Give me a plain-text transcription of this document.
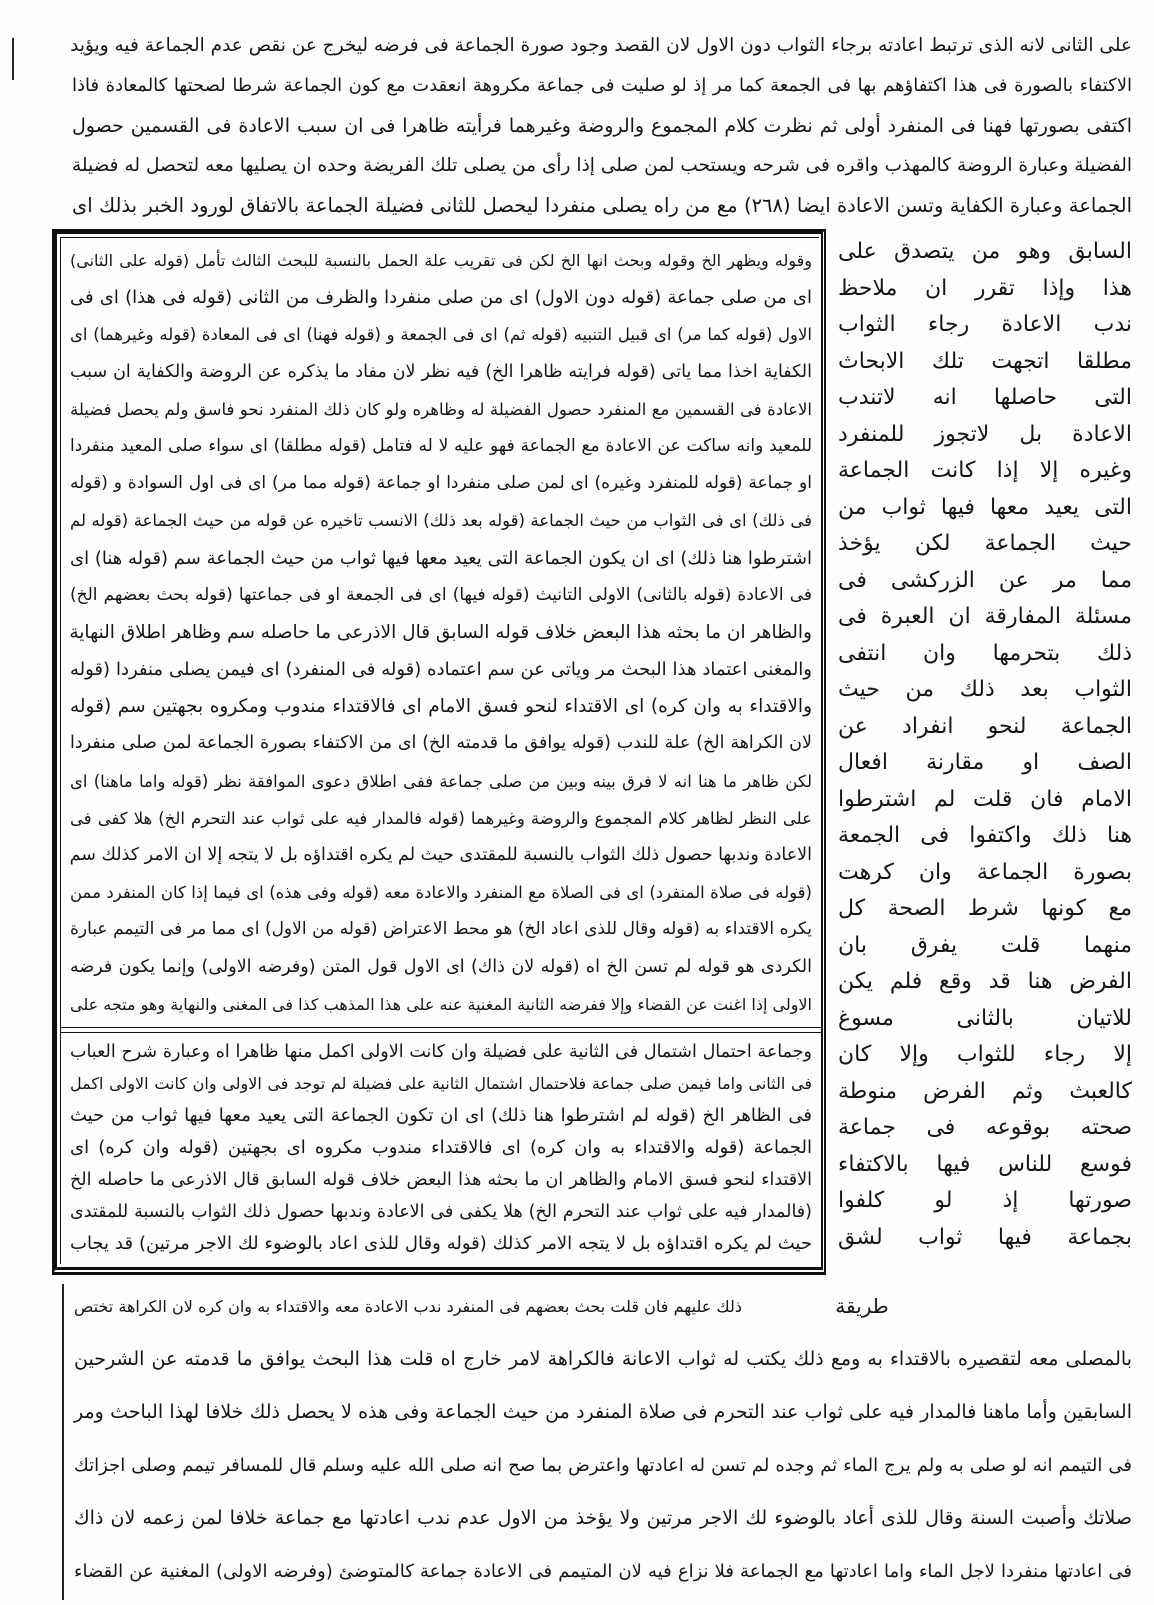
على الثانى لانه الذى ترتبط اعادته برجاء الثواب دون الاول لان القصد وجود صورة الجماعة فى فرضه ليخرج عن نقص عدم الجماعة فيه ويؤيد
الاكتفاء بالصورة فى هذا اكتفاؤهم بها فى الجمعة كما مر إذ لو صليت فى جماعة مكروهة انعقدت مع كون الجماعة شرطا لصحتها كالمعادة فاذا
اكتفى بصورتها فهنا فى المنفرد أولى ثم نظرت كلام المجموع والروضة وغيرهما فرأيته ظاهرا فى ان سبب الاعادة فى القسمين حصول
الفضيلة وعبارة الروضة كالمهذب واقره فى شرحه ويستحب لمن صلى إذا رأى من يصلى تلك الفريضة وحده ان يصليها معه لتحصل له فضيلة
الجماعة وعبارة الكفاية وتسن الاعادة ايضا (٢٦٨) مع من راه يصلى منفردا ليحصل للثانى فضيلة الجماعة بالاتفاق لورود الخبر بذلك اى
وقوله ويظهر الخ وقوله وبحث انها الخ لكن فى تقريب علة الحمل بالنسبة للبحث الثالث تأمل (قوله على الثانى)
اى من صلى جماعة (قوله دون الاول) اى من صلى منفردا والظرف من الثانى (قوله فى هذا) اى فى
الاول (قوله كما مر) اى قبيل التنبيه (قوله ثم) اى فى الجمعة و (قوله فهنا) اى فى المعادة (قوله وغيرهما) اى
الكفاية اخذا مما ياتى (قوله فرايته ظاهرا الخ) فيه نظر لان مفاد ما يذكره عن الروضة والكفاية ان سبب
الاعادة فى القسمين مع المنفرد حصول الفضيلة له وظاهره ولو كان ذلك المنفرد نحو فاسق ولم يحصل فضيلة
للمعيد وانه ساكت عن الاعادة مع الجماعة فهو عليه لا له فتامل (قوله مطلقا) اى سواء صلى المعيد منفردا
او جماعة (قوله للمنفرد وغيره) اى لمن صلى منفردا او جماعة (قوله مما مر) اى فى اول السوادة و (قوله
فى ذلك) اى فى الثواب من حيث الجماعة (قوله بعد ذلك) الانسب تاخيره عن قوله من حيث الجماعة (قوله لم
اشترطوا هنا ذلك) اى ان يكون الجماعة التى يعيد معها فيها ثواب من حيث الجماعة سم (قوله هنا) اى
فى الاعادة (قوله بالثانى) الاولى التانيث (قوله فيها) اى فى الجمعة او فى جماعتها (قوله بحث بعضهم الخ)
والظاهر ان ما بحثه هذا البعض خلاف قوله السابق قال الاذرعى ما حاصله سم وظاهر اطلاق النهاية
والمغنى اعتماد هذا البحث مر وياتى عن سم اعتماده (قوله فى المنفرد) اى فيمن يصلى منفردا (قوله
والاقتداء به وان كره) اى الاقتداء لنحو فسق الامام اى فالاقتداء مندوب ومكروه بجهتين سم (قوله
لان الكراهة الخ) علة للندب (قوله يوافق ما قدمته الخ) اى من الاكتفاء بصورة الجماعة لمن صلى منفردا
لكن ظاهر ما هنا انه لا فرق بينه وبين من صلى جماعة ففى اطلاق دعوى الموافقة نظر (قوله واما ماهنا) اى
على النظر لظاهر كلام المجموع والروضة وغيرهما (قوله فالمدار فيه على ثواب عند التحرم الخ) هلا كفى فى
الاعادة وندبها حصول ذلك الثواب بالنسبة للمقتدى حيث لم يكره اقتداؤه بل لا يتجه إلا ان الامر كذلك سم
(قوله فى صلاة المنفرد) اى فى الصلاة مع المنفرد والاعادة معه (قوله وفى هذه) اى فيما إذا كان المنفرد ممن
يكره الاقتداء به (قوله وقال للذى اعاد الخ) هو محط الاعتراض (قوله من الاول) اى مما مر فى التيمم عبارة
الكردى هو قوله لم تسن الخ اه (قوله لان ذاك) اى الاول قول المتن (وفرضه الاولى) وإنما يكون فرضه
الاولى إذا اغنت عن القضاء وإلا ففرضه الثانية المغنية عنه على هذا المذهب كذا فى المغنى والنهاية وهو متجه على
وجماعة احتمال اشتمال فى الثانية على فضيلة وان كانت الاولى اكمل منها ظاهرا اه وعبارة شرح العباب
فى الثانى واما فيمن صلى جماعة فلاحتمال اشتمال الثانية على فضيلة لم توجد فى الاولى وان كانت الاولى اكمل
فى الظاهر الخ (قوله لم اشترطوا هنا ذلك) اى ان تكون الجماعة التى يعيد معها فيها ثواب من حيث
الجماعة (قوله والاقتداء به وان كره) اى فالاقتداء مندوب مكروه اى بجهتين (قوله وان كره) اى
الاقتداء لنحو فسق الامام والظاهر ان ما بحثه هذا البعض خلاف قوله السابق قال الاذرعى ما حاصله الخ
(فالمدار فيه على ثواب عند التحرم الخ) هلا يكفى فى الاعادة وندبها حصول ذلك الثواب بالنسبة للمقتدى
حيث لم يكره اقتداؤه بل لا يتجه الامر كذلك (قوله وقال للذى اعاد بالوضوء لك الاجر مرتين) قد يجاب
السابق وهو من يتصدق على
هذا وإذا تقرر ان ملاحظ
ندب الاعادة رجاء الثواب
مطلقا اتجهت تلك الابحاث
التى حاصلها انه لاتندب
الاعادة بل لاتجوز للمنفرد
وغيره إلا إذا كانت الجماعة
التى يعيد معها فيها ثواب من
حيث الجماعة لكن يؤخذ
مما مر عن الزركشى فى
مسئلة المفارقة ان العبرة فى
ذلك بتحرمها وان انتفى
الثواب بعد ذلك من حيث
الجماعة لنحو انفراد عن
الصف او مقارنة افعال
الامام فان قلت لم اشترطوا
هنا ذلك واكتفوا فى الجمعة
بصورة الجماعة وان كرهت
مع كونها شرط الصحة كل
منهما قلت يفرق بان
الفرض هنا قد وقع فلم يكن
للاتيان بالثانى مسوغ
إلا رجاء للثواب وإلا كان
كالعبث وثم الفرض منوطة
صحته بوقوعه فى جماعة
فوسع للناس فيها بالاكتفاء
صورتها إذ لو كلفوا
بجماعة فيها ثواب لشق
ذلك عليهم فان قلت بحث بعضهم فى المنفرد ندب الاعادة معه والاقتداء به وان كره لان الكراهة تختص	طريقة
بالمصلى معه لتقصيره بالاقتداء به ومع ذلك يكتب له ثواب الاعانة فالكراهة لامر خارج اه قلت هذا البحث يوافق ما قدمته عن الشرحين
السابقين وأما ماهنا فالمدار فيه على ثواب عند التحرم فى صلاة المنفرد من حيث الجماعة وفى هذه لا يحصل ذلك خلافا لهذا الباحث ومر
فى التيمم انه لو صلى به ولم يرج الماء ثم وجده لم تسن له اعادتها واعترض بما صح انه صلى الله عليه وسلم قال للمسافر تيمم وصلى اجزاتك
صلاتك وأصبت السنة وقال للذى أعاد بالوضوء لك الاجر مرتين ولا يؤخذ من الاول عدم ندب اعادتها مع جماعة خلافا لمن زعمه لان ذاك
فى اعادتها منفردا لاجل الماء واما اعادتها مع الجماعة فلا نزاع فيه لان المتيمم فى الاعادة جماعة كالمتوضئ (وفرضه الاولى) المغنية عن القضاء
